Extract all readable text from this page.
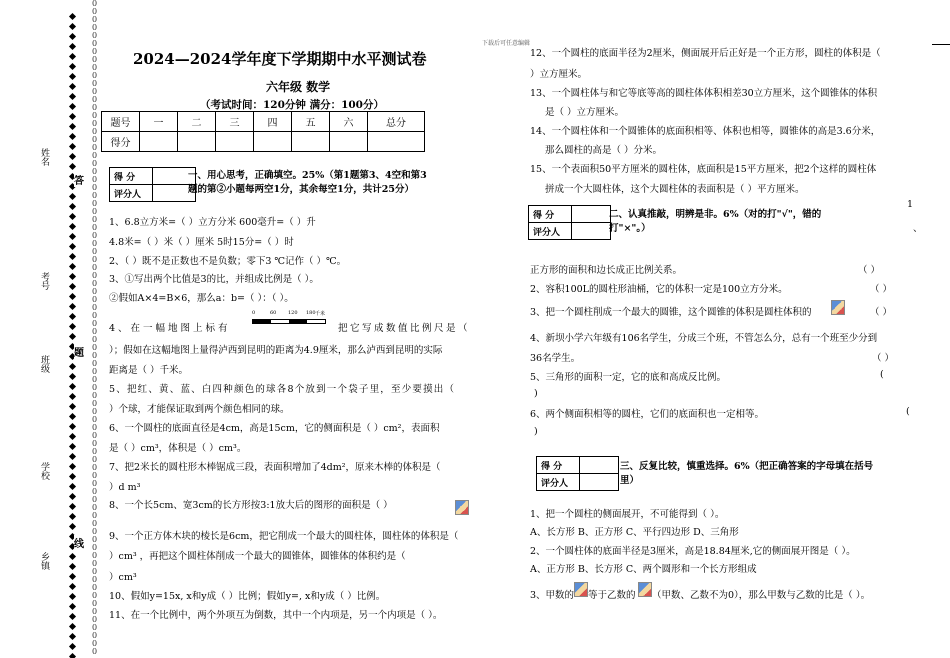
0
0
0
0
0
0
0
0
0
0
0
0
0
0
0
0
0
0
0
0
0
0
0
0
0
0
0
0
0
0
0
0
0
0
0
0
0
0
0
0
0
0
0
0
0
0
0
0
0
0
0
0
0
0
0
0
0
0
0
0
0
0
0
0
0
0
0
0
0
0
0
0
0
0
0
0
0
0
0
0
0
0

姓名
考号
班级
学校
乡镇
答
题
线
下载后可任意编辑
2024—2024学年度下学期期中水平测试卷
六年级 数学
（考试时间：120分钟 满分：100分）
题号	一	二	三	四	五	六	总分
得分							
得 分	
评分人	
一、用心思考，正确填空。25%（第1题第3、4空和第3
题的第②小题每两空1分，其余每空1分，共计25分）
1、6.8立方米=（ ）立方分米 600毫升=（ ）升
4.8米=（ ）米（ ）厘米 5时15分=（ ）时
2、（ ）既不是正数也不是负数；零下3 ℃记作（ ）℃。
3、①写出两个比值是3的比，并组成比例是（ ）。
②假如A×4=B×6，那么a：b=（ ）：（ ）。
4、在一幅地图上标有
0	60 120 180 千米
把它写成数值比例尺是（
）；假如在这幅地图上量得泸西到昆明的距离为4.9厘米，那么泸西到昆明的实际
距离是（ ）千米。
5、把红、黄、蓝、白四种颜色的球各8个放到一个袋子里，至少要摸出（
）个球，才能保证取到两个颜色相同的球。
6、一个圆柱的底面直径是4cm，高是15cm，它的侧面积是（ ）cm²，表面积
是（ ）cm³，体积是（ ）cm³。
7、把2米长的圆柱形木棒锯成三段，表面积增加了4dm²，原来木棒的体积是（
）d m³
8、一个长5cm、宽3cm的长方形按3:1放大后的图形的面积是（ ）
9、一个正方体木块的棱长是6cm，把它削成一个最大的圆柱体，圆柱体的体积是（
）cm³ ，再把这个圆柱体削成一个最大的圆锥体，圆锥体的体积约是（
）cm³
10、假如y=15x, x和y成（ ）比例；假如y=, x和y成（ ）比例。
11、在一个比例中，两个外项互为倒数，其中一个内项是，另一个内项是（ ）。
12、一个圆柱的底面半径为2厘米，侧面展开后正好是一个正方形，圆柱的体积是（
）立方厘米。
13、一个圆柱体与和它等底等高的圆柱体体积相差30立方厘米，这个圆锥体的体积
是（ ）立方厘米。
14、一个圆柱体和一个圆锥体的底面积相等、体积也相等，圆锥体的高是3.6分米，
那么圆柱的高是（ ）分米。
15、一个表面积50平方厘米的圆柱体，底面积是15平方厘米，把2个这样的圆柱体
拼成一个大圆柱体，这个大圆柱体的表面积是（ ）平方厘米。
得 分	
评分人	
二、认真推敲，明辨是非。6%（对的打"√"，错的
打"×"。）
1
、
正方形的面积和边长成正比例关系。	（ ）
2、容积100L的圆柱形油桶，它的体积一定是100立方分米。	（ ）
3、把一个圆柱削成一个最大的圆锥，这个圆锥的体积是圆柱体积的	（ ）
4、新坝小学六年级有106名学生，分成三个班，不管怎么分，总有一个班至少分到
36名学生。	（ ）
5、三角形的面积一定，它的底和高成反比例。	(
)
6、两个侧面积相等的圆柱，它们的底面积也一定相等。	(
)
得 分	
评分人	
三、反复比较，慎重选择。6%（把正确答案的字母填在括号
里）
1、把一个圆柱的侧面展开，不可能得到（ ）。
A、长方形 B、正方形 C、平行四边形 D、三角形
2、一个圆柱体的底面半径是3厘米，高是18.84厘米,它的侧面展开图是（ ）。
A、正方形 B、长方形 C、两个圆形和一个长方形组成
3、甲数的 等于乙数的 （甲数、乙数不为0），那么甲数与乙数的比是（ ）。
